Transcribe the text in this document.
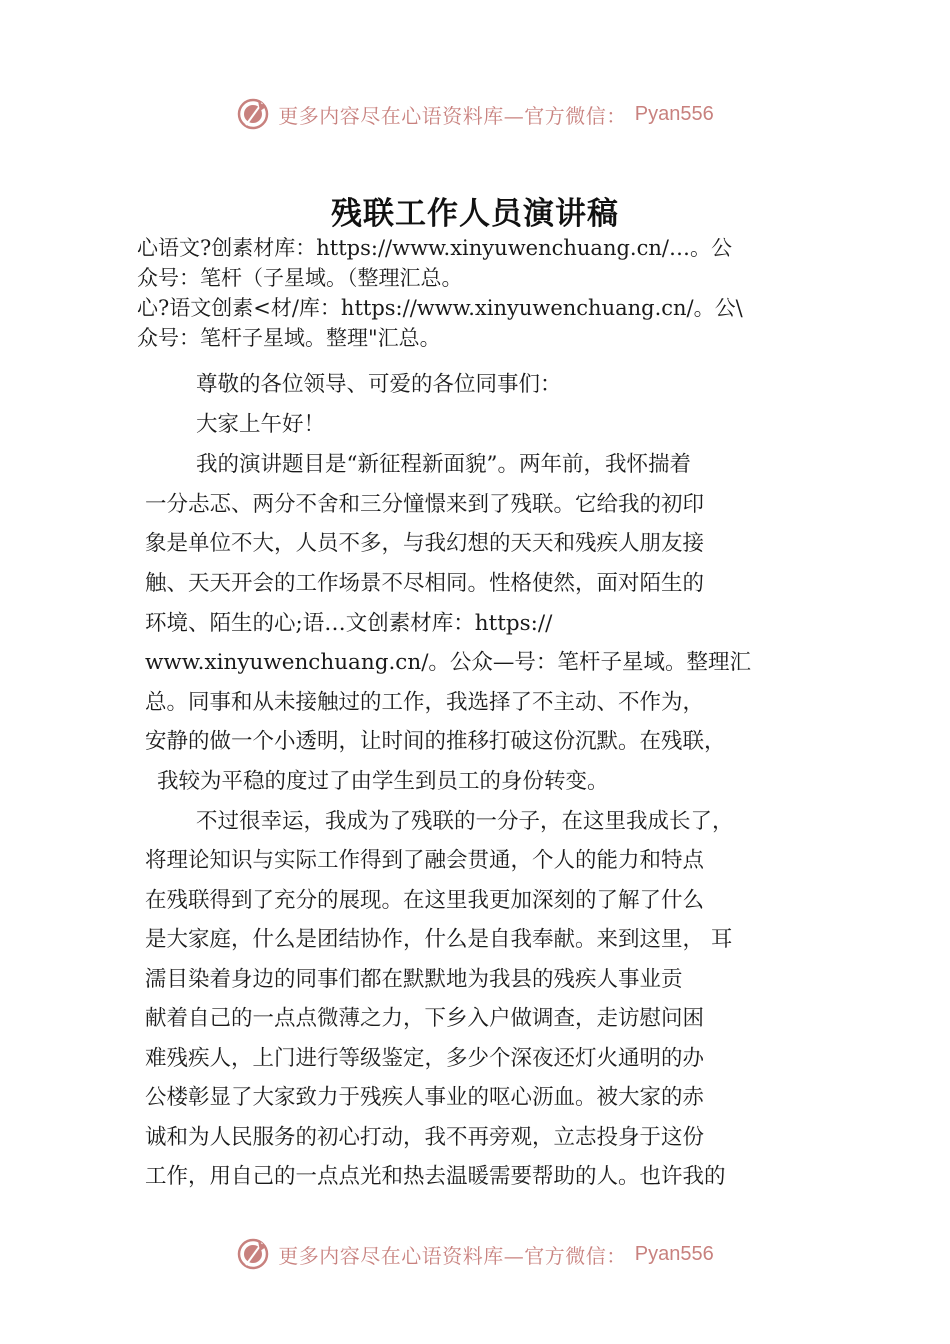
更多内容尽在心语资料库—官方微信： Pyan556
残联工作人员演讲稿
心语文?创素材库：https://www.xinyuwenchuang.cn/…。公
众号：笔杆（子星域。（整理汇总。
心?语文创素<材/库：https://www.xinyuwenchuang.cn/。公\
众号：笔杆子星域。整理"汇总。
尊敬的各位领导、可爱的各位同事们：
大家上午好！
我的演讲题目是“新征程新面貌”。两年前，我怀揣着
一分忐忑、两分不舍和三分憧憬来到了残联。它给我的初印
象是单位不大，人员不多，与我幻想的天天和残疾人朋友接
触、天天开会的工作场景不尽相同。性格使然，面对陌生的
环境、陌生的心;语…文创素材库：https://
www.xinyuwenchuang.cn/。公众—号：笔杆子星域。整理汇
总。同事和从未接触过的工作，我选择了不主动、不作为，
安静的做一个小透明，让时间的推移打破这份沉默。在残联，
我较为平稳的度过了由学生到员工的身份转变。
不过很幸运，我成为了残联的一分子，在这里我成长了，
将理论知识与实际工作得到了融会贯通，个人的能力和特点
在残联得到了充分的展现。在这里我更加深刻的了解了什么
是大家庭，什么是团结协作，什么是自我奉献。来到这里， 耳
濡目染着身边的同事们都在默默地为我县的残疾人事业贡
献着自己的一点点微薄之力，下乡入户做调查，走访慰问困
难残疾人，上门进行等级鉴定，多少个深夜还灯火通明的办
公楼彰显了大家致力于残疾人事业的呕心沥血。被大家的赤
诚和为人民服务的初心打动，我不再旁观，立志投身于这份
工作，用自己的一点点光和热去温暖需要帮助的人。也许我的
更多内容尽在心语资料库—官方微信： Pyan556
